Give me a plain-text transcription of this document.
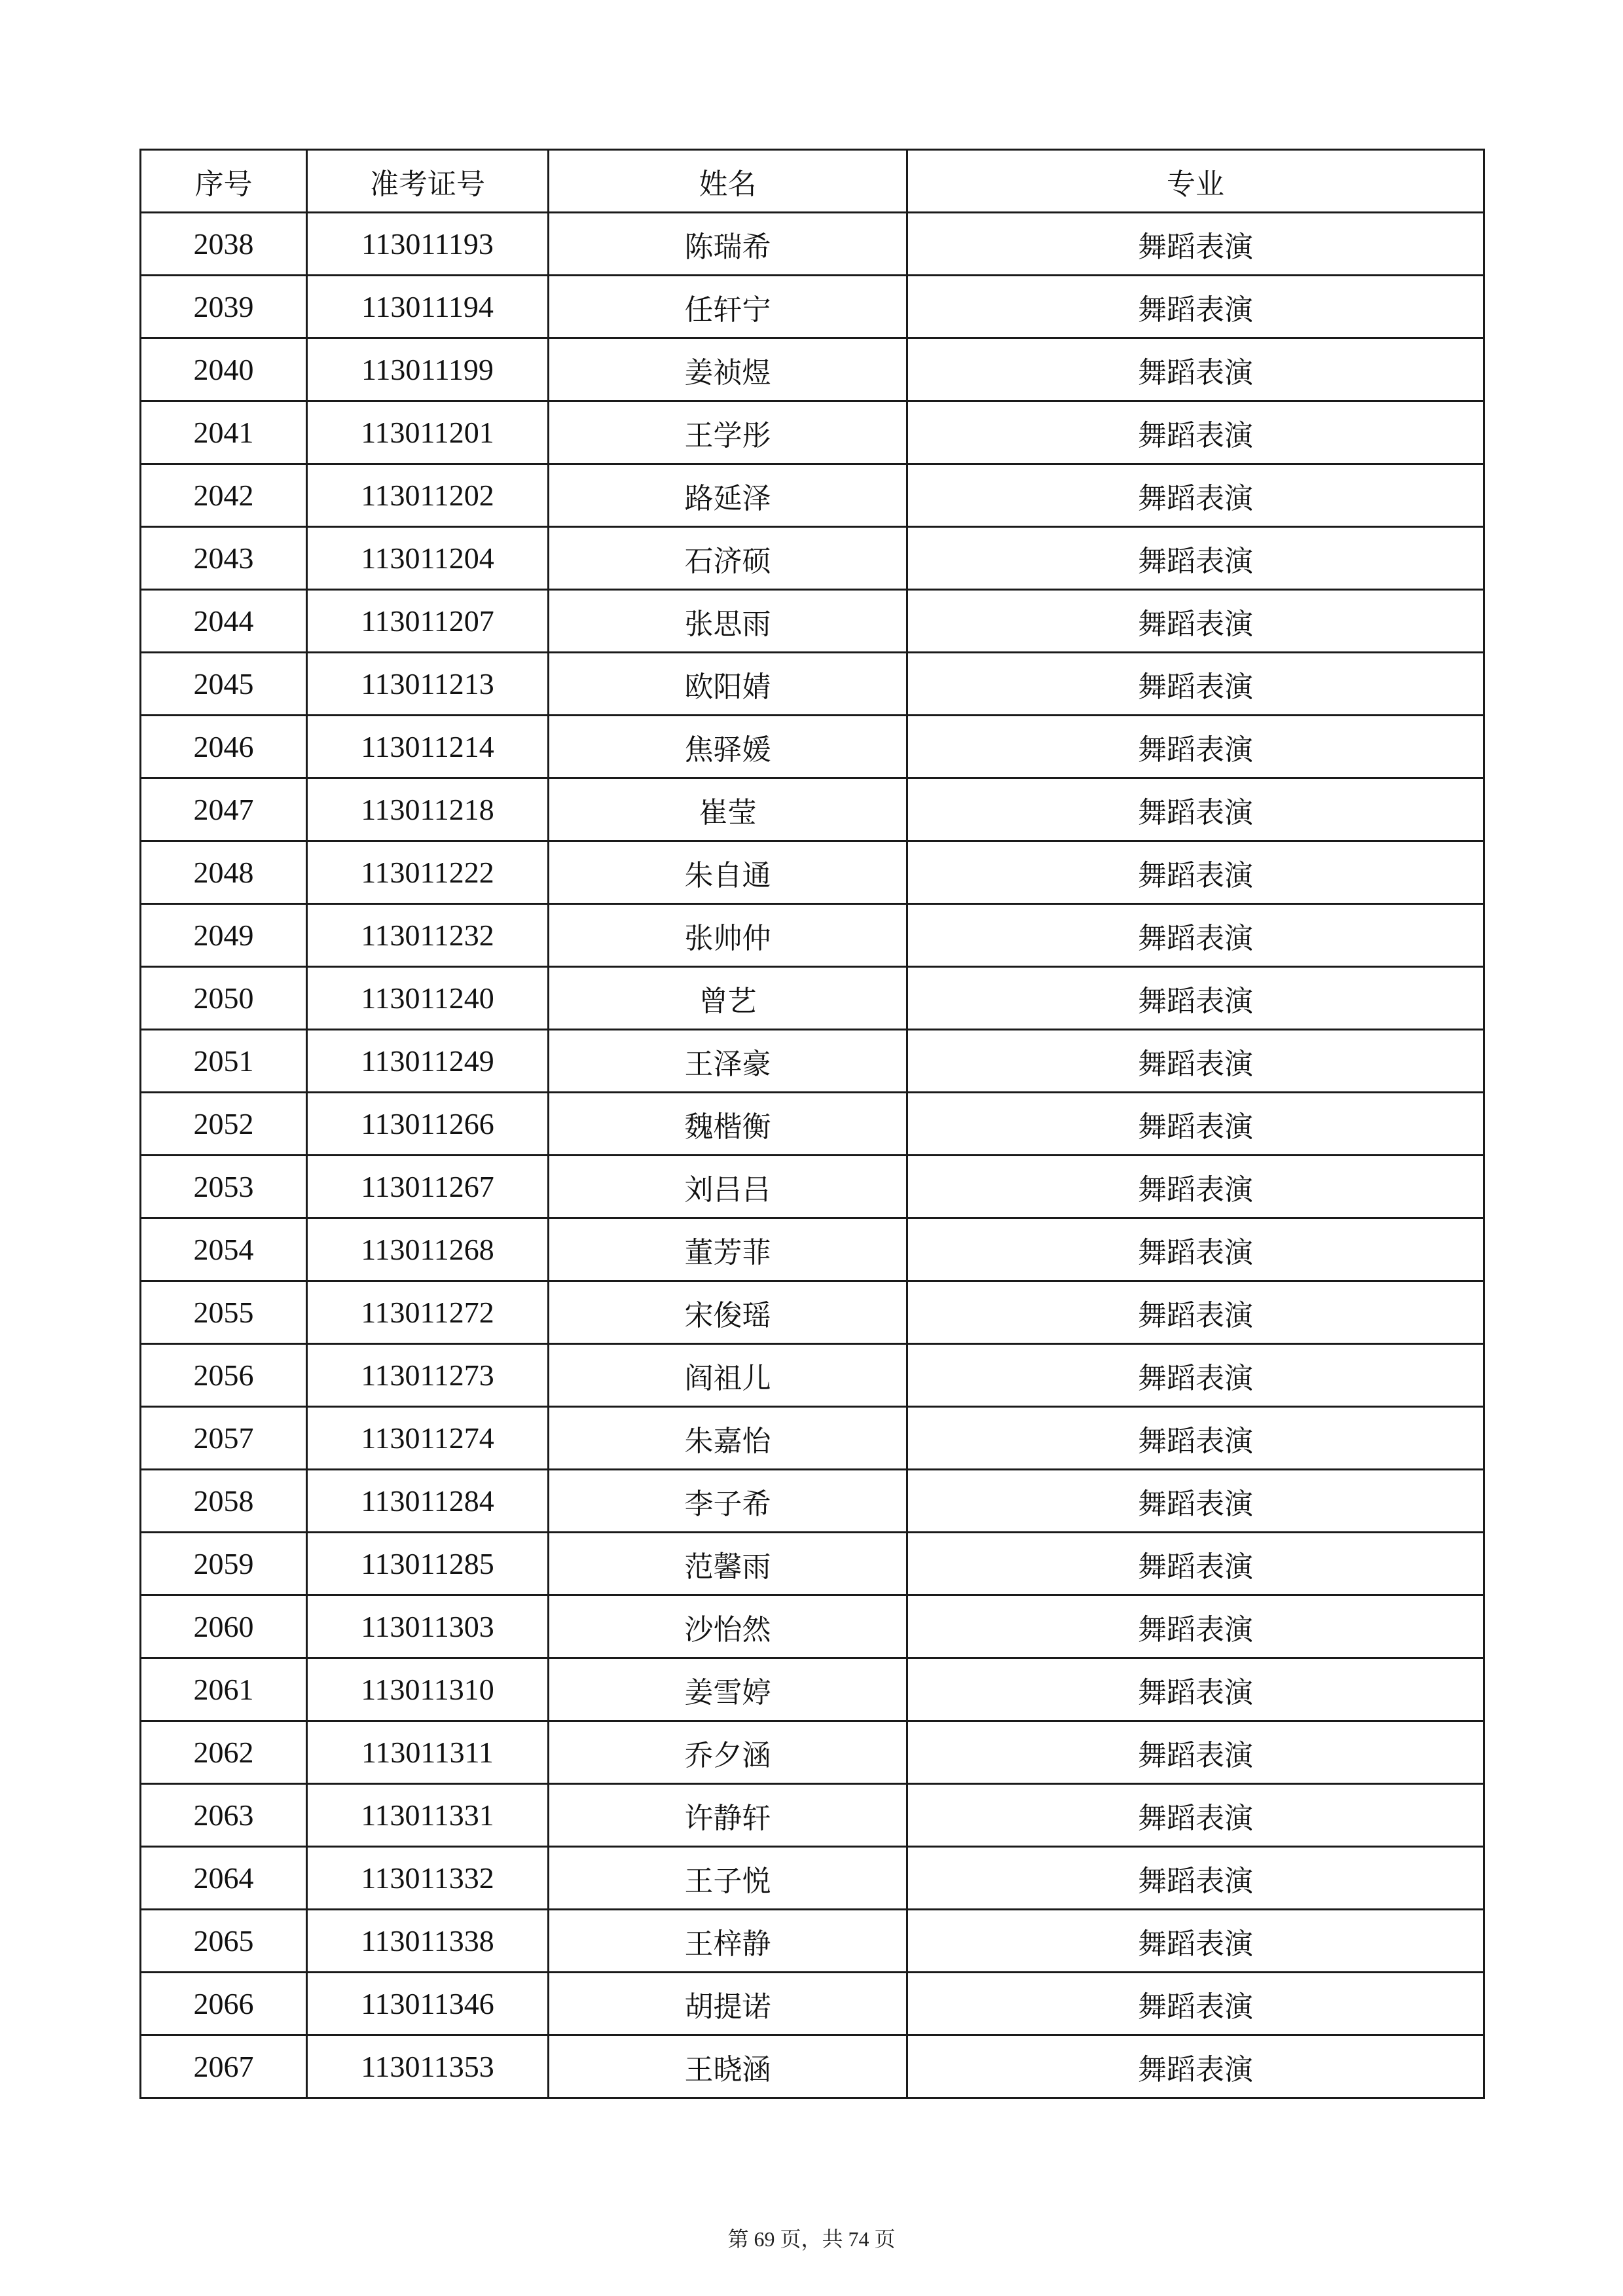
序号	准考证号	姓名	专业
2038	113011193	陈瑞希	舞蹈表演
2039	113011194	任轩宁	舞蹈表演
2040	113011199	姜祯煜	舞蹈表演
2041	113011201	王学彤	舞蹈表演
2042	113011202	路延泽	舞蹈表演
2043	113011204	石济硕	舞蹈表演
2044	113011207	张思雨	舞蹈表演
2045	113011213	欧阳婧	舞蹈表演
2046	113011214	焦驿媛	舞蹈表演
2047	113011218	崔莹	舞蹈表演
2048	113011222	朱自通	舞蹈表演
2049	113011232	张帅仲	舞蹈表演
2050	113011240	曾艺	舞蹈表演
2051	113011249	王泽豪	舞蹈表演
2052	113011266	魏楷衡	舞蹈表演
2053	113011267	刘吕吕	舞蹈表演
2054	113011268	董芳菲	舞蹈表演
2055	113011272	宋俊瑶	舞蹈表演
2056	113011273	阎祖儿	舞蹈表演
2057	113011274	朱嘉怡	舞蹈表演
2058	113011284	李子希	舞蹈表演
2059	113011285	范馨雨	舞蹈表演
2060	113011303	沙怡然	舞蹈表演
2061	113011310	姜雪婷	舞蹈表演
2062	113011311	乔夕涵	舞蹈表演
2063	113011331	许静轩	舞蹈表演
2064	113011332	王子悦	舞蹈表演
2065	113011338	王梓静	舞蹈表演
2066	113011346	胡提诺	舞蹈表演
2067	113011353	王晓涵	舞蹈表演
第 69 页，共 74 页
